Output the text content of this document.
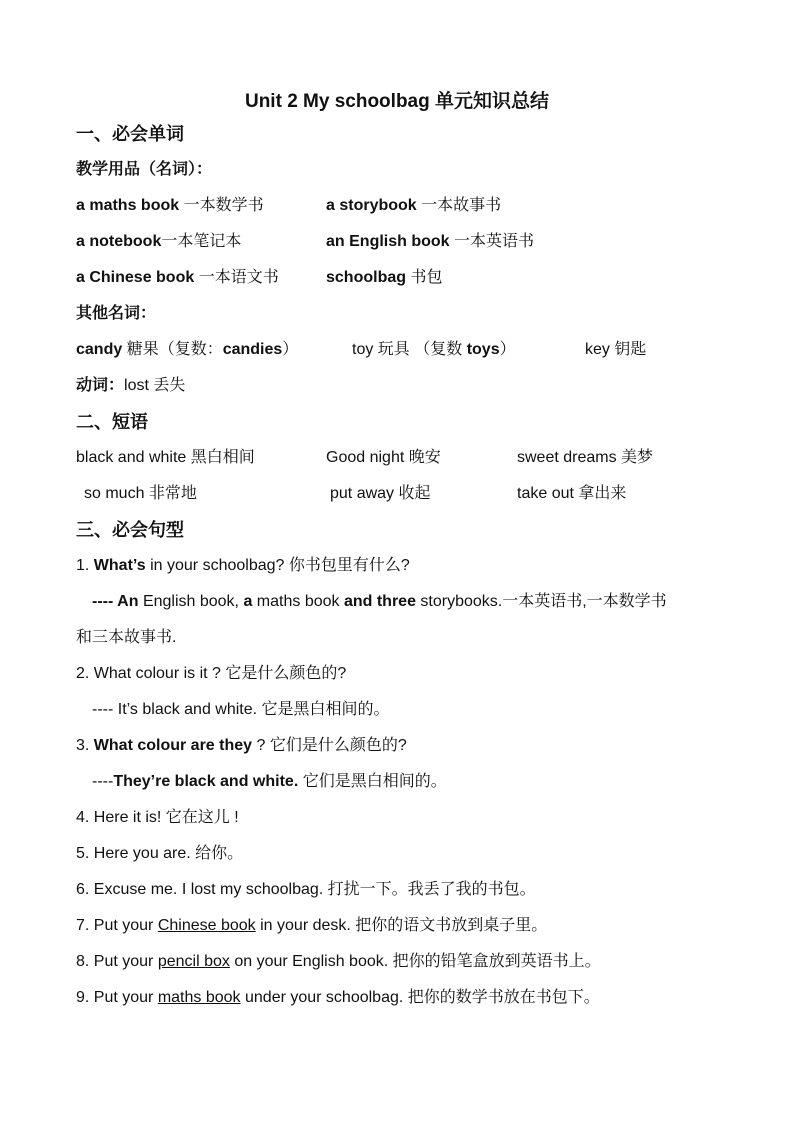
Unit 2 My schoolbag 单元知识总结
一、必会单词
教学用品（名词）：
a maths book 一本数学书	a storybook 一本故事书
a notebook一本笔记本	an English book 一本英语书
a Chinese book 一本语文书	schoolbag 书包
其他名词：
candy 糖果（复数：candies）	toy 玩具 （复数 toys）	key 钥匙
动词：lost 丢失
二、短语
black and white 黑白相间	Good night 晚安	sweet dreams 美梦
so much 非常地	put away 收起	take out 拿出来
三、必会句型
1. What’s in your schoolbag? 你书包里有什么?
---- An English book, a maths book and three storybooks.一本英语书,一本数学书
和三本故事书.
2. What colour is it ? 它是什么颜色的?
---- It’s black and white. 它是黑白相间的。
3. What colour are they ? 它们是什么颜色的?
----They’re black and white. 它们是黑白相间的。
4. Here it is! 它在这儿 !
5. Here you are. 给你。
6. Excuse me. I lost my schoolbag. 打扰一下。我丢了我的书包。
7. Put your Chinese book in your desk. 把你的语文书放到桌子里。
8. Put your pencil box on your English book. 把你的铅笔盒放到英语书上。
9. Put your maths book under your schoolbag. 把你的数学书放在书包下。
